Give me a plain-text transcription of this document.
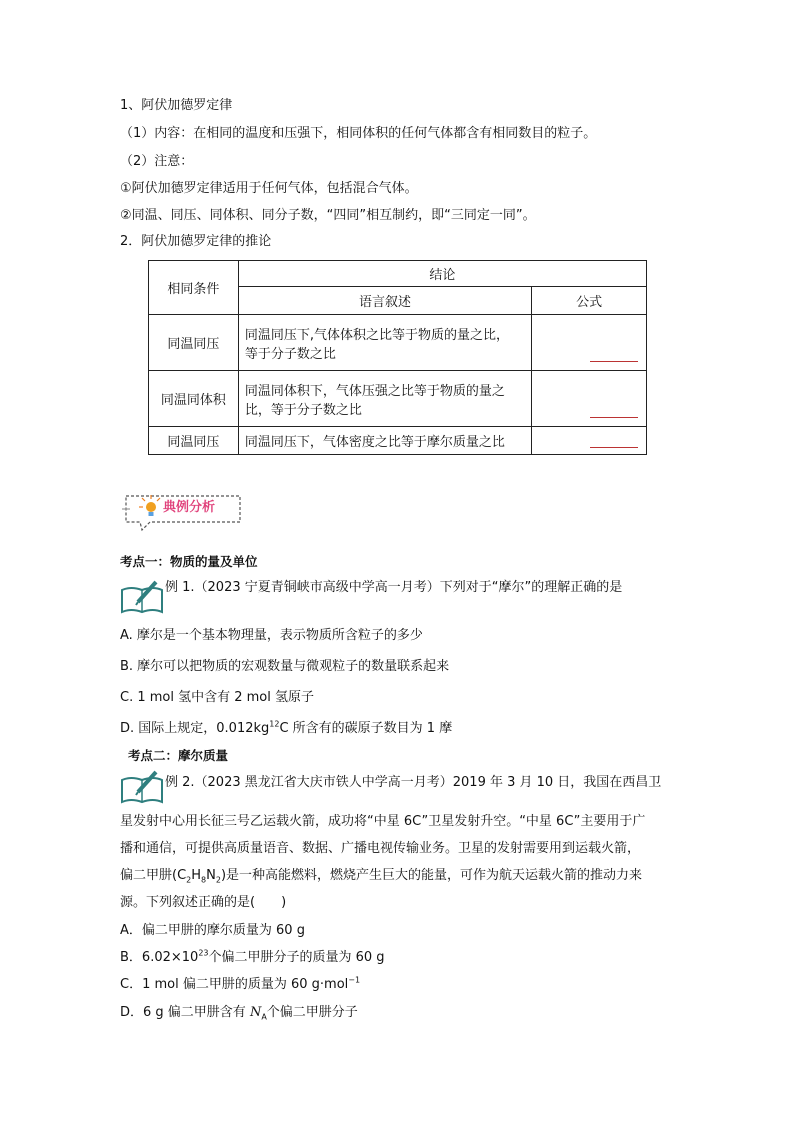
1、阿伏加德罗定律
（1）内容：在相同的温度和压强下，相同体积的任何气体都含有相同数目的粒子。
（2）注意：
①阿伏加德罗定律适用于任何气体，包括混合气体。
②同温、同压、同体积、同分子数，“四同”相互制约，即“三同定一同”。
2．阿伏加德罗定律的推论
相同条件	结论	
	语言叙述	公式
同温同压	同温同压下,气体体积之比等于物质的量之比，
等于分子数之比	

同温同体积	同温同体积下，气体压强之比等于物质的量之
比，等于分子数之比	

同温同压	同温同压下，气体密度之比等于摩尔质量之比	

典例分析
考点一：物质的量及单位
例 1.（2023 宁夏青铜峡市高级中学高一月考）下列对于“摩尔”的理解正确的是
A. 摩尔是一个基本物理量，表示物质所含粒子的多少
B. 摩尔可以把物质的宏观数量与微观粒子的数量联系起来
C. 1 mol 氢中含有 2 mol 氢原子
D. 国际上规定，$0.012kg^{12}C$ 所含有的碳原子数目为 1 摩
考点二：摩尔质量
例 2.（2023 黑龙江省大庆市铁人中学高一月考）2019 年 3 月 10 日，我国在西昌卫
星发射中心用长征三号乙运载火箭，成功将“中星 6C”卫星发射升空。“中星 6C”主要用于广
播和通信，可提供高质量语音、数据、广播电视传输业务。卫星的发射需要用到运载火箭，
偏二甲肼$(C_2H_8N_2)$是一种高能燃料，燃烧产生巨大的能量，可作为航天运载火箭的推动力来
源。下列叙述正确的是(　　)
A．偏二甲肼的摩尔质量为 60 g
B．$6.02\times 10^{23}$个偏二甲肼分子的质量为 60 g
C．1 mol 偏二甲肼的质量为 60 g·mol$^{-1}$
D．6 g 偏二甲肼含有 $N_A$个偏二甲肼分子
